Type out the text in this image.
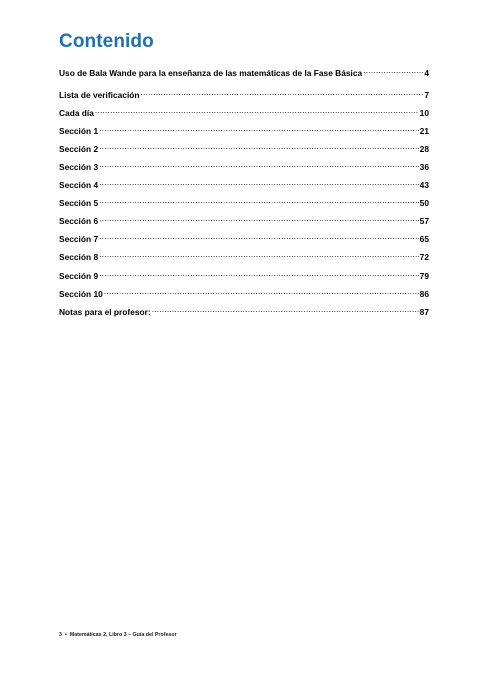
Contenido
Uso de Bala Wande para la enseñanza de las matemáticas de la Fase Básica .....	4
Lista de verificación .....	7
Cada día .....	10
Sección 1 .....	21
Sección 2 .....	28
Sección 3 .....	36
Sección 4 .....	43
Sección 5 .....	50
Sección 6 .....	57
Sección 7 .....	65
Sección 8 .....	72
Sección 9 .....	79
Sección 10 .....	86
Notas para el profesor: .....	87
3 • Matemáticas 2, Libro 3 – Guía del Profesor
